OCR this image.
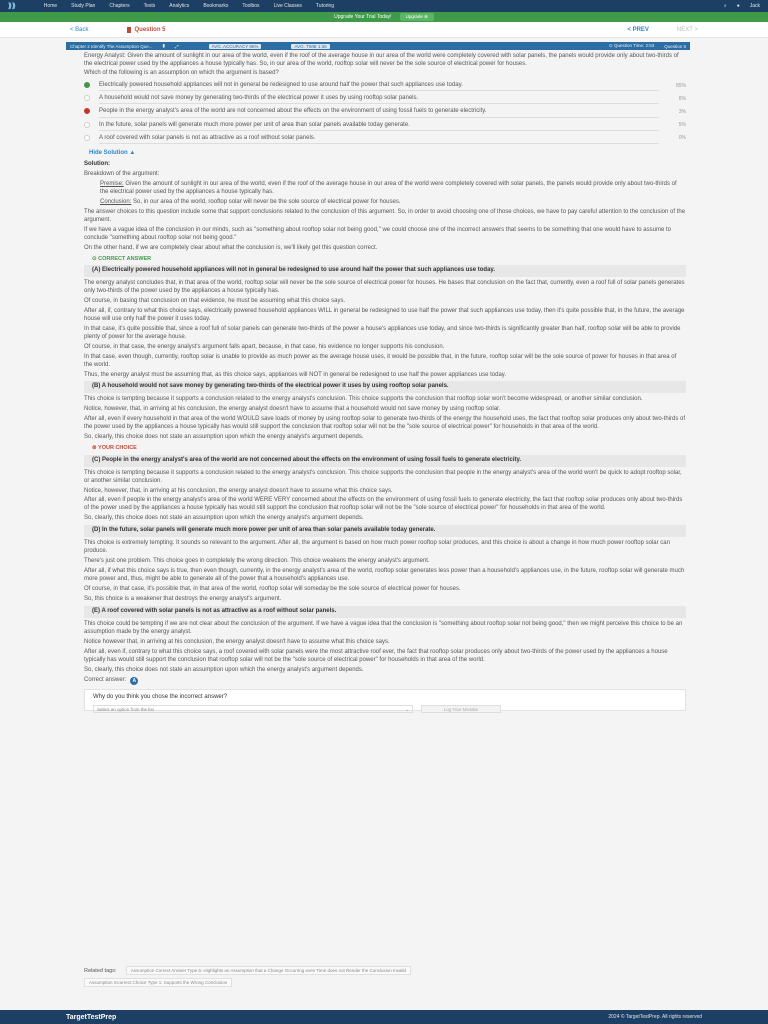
⟫⟫	Home	Study Plan	Chapters	Tests	Analytics	Bookmarks	Toolbox	Live Classes	Tutoring	⌕ ● Jack
Upgrade Your Trial Today!	Upgrade ⊕
< Back	Question 5	< PREV	NEXT >
Chapter 2 Identify The Assumption Que... ▮ ⤢	AVG. ACCURACY 85%	AVG. TIME 1:36	⊙ Question Time: 2:53 Question 5

Energy Analyst: Given the amount of sunlight in our area of the world, even if the roof of the average house in our area of the world were completely covered with solar panels, the panels would provide only about two-thirds of the electrical power used by the appliances a house typically has. So, in our area of the world, rooftop solar will never be the sole source of electrical power for houses.

Which of the following is an assumption on which the argument is based?

Electrically powered household appliances will not in general be redesigned to use around half the power that such appliances use today.	85%
A household would not save money by generating two-thirds of the electrical power it uses by using rooftop solar panels.	6%
People in the energy analyst's area of the world are not concerned about the effects on the environment of using fossil fuels to generate electricity.	3%
In the future, solar panels will generate much more power per unit of area than solar panels available today generate.	5%
A roof covered with solar panels is not as attractive as a roof without solar panels.	0%
Hide Solution ▲

Solution:

Breakdown of the argument:

Premise: Given the amount of sunlight in our area of the world, even if the roof of the average house in our area of the world were completely covered with solar panels, the panels would provide only about two-thirds of the electrical power used by the appliances a house typically has.

Conclusion: So, in our area of the world, rooftop solar will never be the sole source of electrical power for houses.

The answer choices to this question include some that support conclusions related to the conclusion of this argument. So, in order to avoid choosing one of those choices, we have to pay careful attention to the conclusion of the argument.

If we have a vague idea of the conclusion in our minds, such as "something about rooftop solar not being good," we could choose one of the incorrect answers that seems to be something that one would have to assume to conclude "something about rooftop solar not being good."

On the other hand, if we are completely clear about what the conclusion is, we'll likely get this question correct.

⊙ CORRECT ANSWER
(A) Electrically powered household appliances will not in general be redesigned to use around half the power that such appliances use today.

The energy analyst concludes that, in that area of the world, rooftop solar will never be the sole source of electrical power for houses. He bases that conclusion on the fact that, currently, even a roof full of solar panels generates only two-thirds of the power used by the appliances a house typically has.

Of course, in basing that conclusion on that evidence, he must be assuming what this choice says.

After all, if, contrary to what this choice says, electrically powered household appliances WILL in general be redesigned to use half the power that such appliances use today, then it's quite possible that, in the future, the average house will use only half the power it uses today.

In that case, it's quite possible that, since a roof full of solar panels can generate two-thirds of the power a house's appliances use today, and since two-thirds is significantly greater than half, rooftop solar will be able to provide plenty of power for the average house.

Of course, in that case, the energy analyst's argument falls apart, because, in that case, his evidence no longer supports his conclusion.

In that case, even though, currently, rooftop solar is unable to provide as much power as the average house uses, it would be possible that, in the future, rooftop solar will be the sole source of power for houses in that area of the world.

Thus, the energy analyst must be assuming that, as this choice says, appliances will NOT in general be redesigned to use half the power appliances use today.

(B) A household would not save money by generating two-thirds of the electrical power it uses by using rooftop solar panels.

This choice is tempting because it supports a conclusion related to the energy analyst's conclusion. This choice supports the conclusion that rooftop solar won't become widespread, or another similar conclusion.

Notice, however, that, in arriving at his conclusion, the energy analyst doesn't have to assume that a household would not save money by using rooftop solar.

After all, even if every household in that area of the world WOULD save loads of money by using rooftop solar to generate two-thirds of the energy the household uses, the fact that rooftop solar produces only about two-thirds of the power used by the appliances a house typically has would still support the conclusion that rooftop solar will not be the "sole source of electrical power" for households in that area of the world.

So, clearly, this choice does not state an assumption upon which the energy analyst's argument depends.

⊗ YOUR CHOICE
(C) People in the energy analyst's area of the world are not concerned about the effects on the environment of using fossil fuels to generate electricity.

This choice is tempting because it supports a conclusion related to the energy analyst's conclusion. This choice supports the conclusion that people in the energy analyst's area of the world won't be quick to adopt rooftop solar, or another similar conclusion.

Notice, however, that, in arriving at his conclusion, the energy analyst doesn't have to assume what this choice says.

After all, even if people in the energy analyst's area of the world WERE VERY concerned about the effects on the environment of using fossil fuels to generate electricity, the fact that rooftop solar produces only about two-thirds of the power used by the appliances a house typically has would still support the conclusion that rooftop solar will not be the "sole source of electrical power" for households in that area of the world.

So, clearly, this choice does not state an assumption upon which the energy analyst's argument depends.

(D) In the future, solar panels will generate much more power per unit of area than solar panels available today generate.

This choice is extremely tempting. It sounds so relevant to the argument. After all, the argument is based on how much power rooftop solar produces, and this choice is about a change in how much power rooftop solar can produce.

There's just one problem. This choice goes in completely the wrong direction. This choice weakens the energy analyst's argument.

After all, if what this choice says is true, then even though, currently, in the energy analyst's area of the world, rooftop solar generates less power than a household's appliances use, in the future, rooftop solar will generate much more power and, thus, might be able to generate all of the power that a household's appliances use.

Of course, in that case, it's possible that, in that area of the world, rooftop solar will someday be the sole source of electrical power for houses.

So, this choice is a weakener that destroys the energy analyst's argument.

(E) A roof covered with solar panels is not as attractive as a roof without solar panels.

This choice could be tempting if we are not clear about the conclusion of the argument. If we have a vague idea that the conclusion is "something about rooftop solar not being good," then we might perceive this choice to be an assumption made by the energy analyst.

Notice however that, in arriving at his conclusion, the energy analyst doesn't have to assume what this choice says.

After all, even if, contrary to what this choice says, a roof covered with solar panels were the most attractive roof ever, the fact that rooftop solar produces only about two-thirds of the power used by the appliances a house typically has would still support the conclusion that rooftop solar will not be the "sole source of electrical power" for households in that area of the world.

So, clearly, this choice does not state an assumption upon which the energy analyst's argument depends.

Correct answer:	A
Why do you think you chose the incorrect answer?
Select an option from the list	⌄	Log Your Mistake
Related tags:	Assumption Correct Answer Type 6: Highlights an Assumption that a Change Occurring even Time does not Render the Conclusion Invalid
Assumption Incorrect Choice Type 1: Supports the Wrong Conclusion
TargetTestPrep	2024 © TargetTestPrep. All rights reserved
